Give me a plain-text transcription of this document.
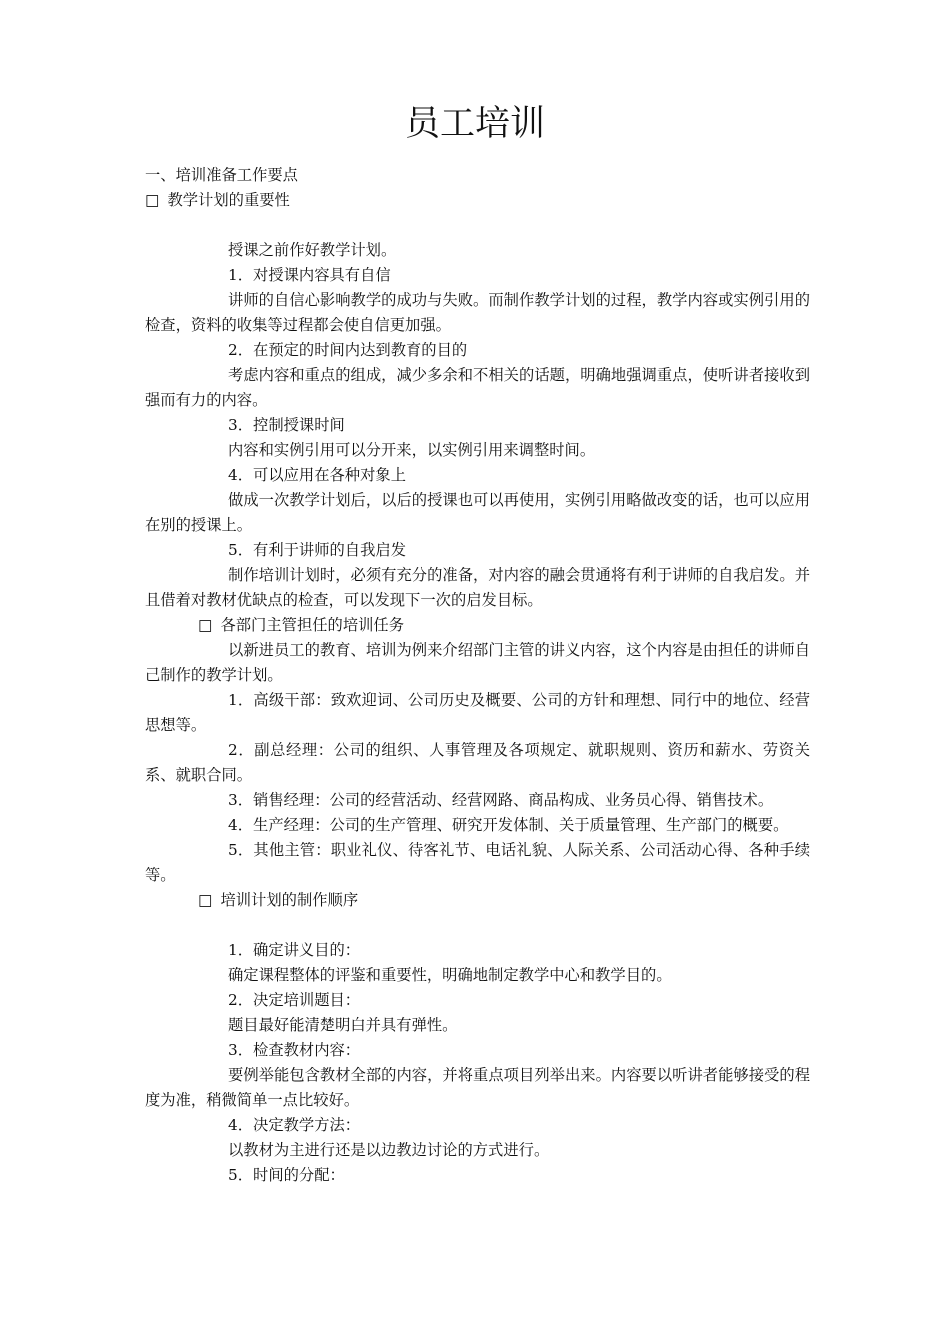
员工培训

一、培训准备工作要点

□ 教学计划的重要性

授课之前作好教学计划。

1．对授课内容具有自信

讲师的自信心影响教学的成功与失败。而制作教学计划的过程，教学内容或实例引用的检查，资料的收集等过程都会使自信更加强。

2．在预定的时间内达到教育的目的

考虑内容和重点的组成，减少多余和不相关的话题，明确地强调重点，使听讲者接收到强而有力的内容。

3．控制授课时间

内容和实例引用可以分开来，以实例引用来调整时间。

4．可以应用在各种对象上

做成一次教学计划后，以后的授课也可以再使用，实例引用略做改变的话，也可以应用在别的授课上。

5．有利于讲师的自我启发

制作培训计划时，必须有充分的准备，对内容的融会贯通将有利于讲师的自我启发。并且借着对教材优缺点的检查，可以发现下一次的启发目标。

□ 各部门主管担任的培训任务

以新进员工的教育、培训为例来介绍部门主管的讲义内容，这个内容是由担任的讲师自己制作的教学计划。

1．高级干部：致欢迎词、公司历史及概要、公司的方针和理想、同行中的地位、经营思想等。

2．副总经理：公司的组织、人事管理及各项规定、就职规则、资历和薪水、劳资关系、就职合同。

3．销售经理：公司的经营活动、经营网路、商品构成、业务员心得、销售技术。

4．生产经理：公司的生产管理、研究开发体制、关于质量管理、生产部门的概要。

5．其他主管：职业礼仪、待客礼节、电话礼貌、人际关系、公司活动心得、各种手续等。

□ 培训计划的制作顺序

1．确定讲义目的：

确定课程整体的评鉴和重要性，明确地制定教学中心和教学目的。

2．决定培训题目：

题目最好能清楚明白并具有弹性。

3．检查教材内容：

要例举能包含教材全部的内容，并将重点项目列举出来。内容要以听讲者能够接受的程度为准，稍微简单一点比较好。

4．决定教学方法：

以教材为主进行还是以边教边讨论的方式进行。

5．时间的分配：
